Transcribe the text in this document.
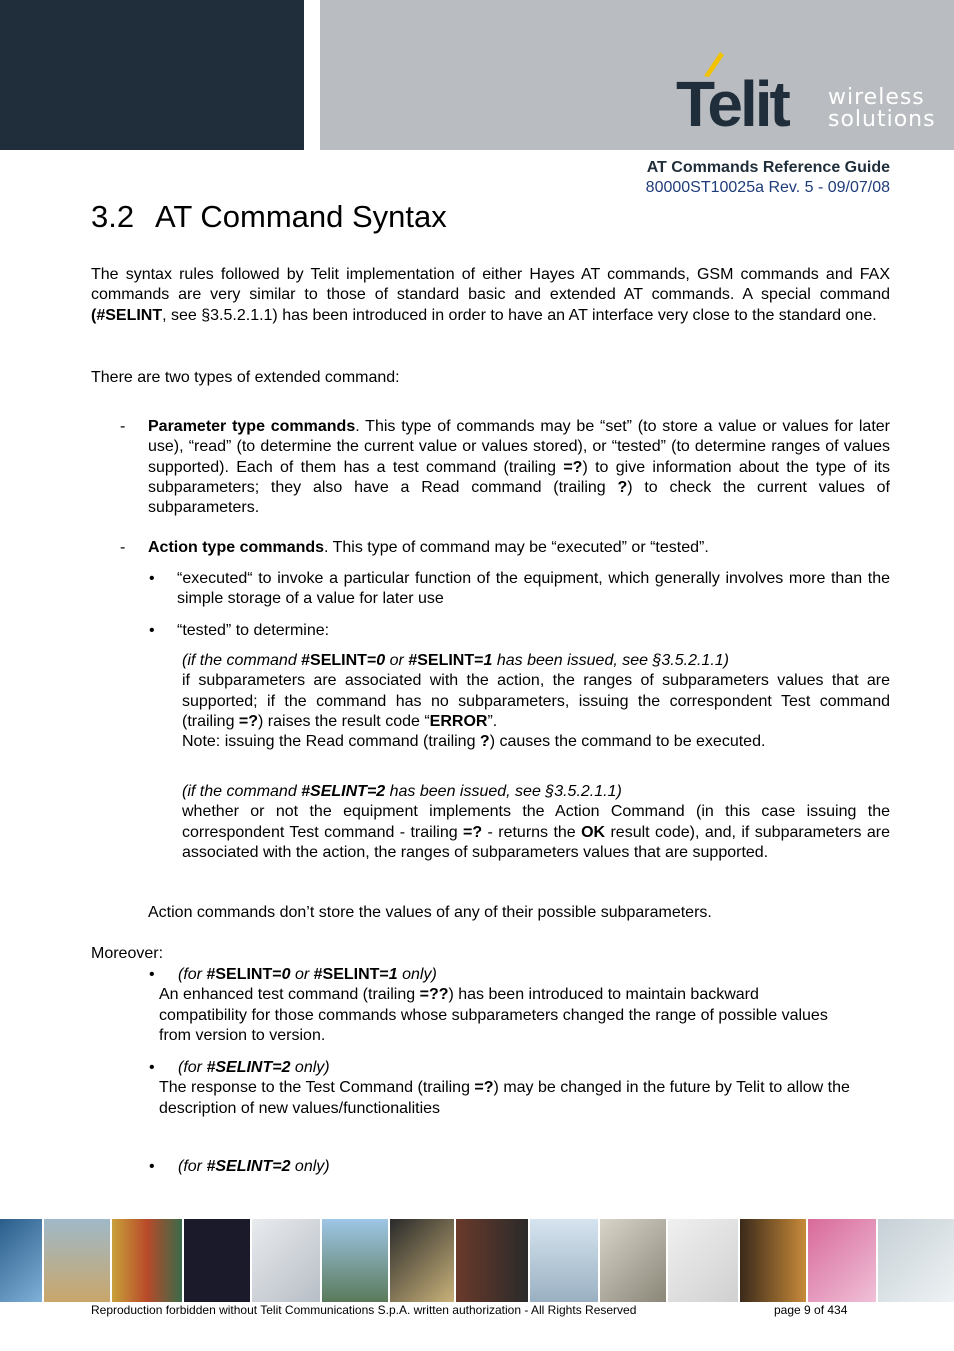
Telit wireless
solutions
AT Commands Reference Guide
80000ST10025a Rev. 5 - 09/07/08
3.2 AT Command Syntax
The syntax rules followed by Telit implementation of either Hayes AT commands, GSM commands and FAX commands are very similar to those of standard basic and extended AT commands. A special command (#SELINT, see §3.5.2.1.1) has been introduced in order to have an AT interface very close to the standard one.
There are two types of extended command:
- Parameter type commands. This type of commands may be “set” (to store a value or values for later use), “read” (to determine the current value or values stored), or “tested” (to determine ranges of values supported). Each of them has a test command (trailing =?) to give information about the type of its subparameters; they also have a Read command (trailing ?) to check the current values of subparameters.
- Action type commands. This type of command may be “executed” or “tested”.
• “executed“ to invoke a particular function of the equipment, which generally involves more than the simple storage of a value for later use
• “tested” to determine:

(if the command #SELINT=0 or #SELINT=1 has been issued, see §3.5.2.1.1)

if subparameters are associated with the action, the ranges of subparameters values that are supported; if the command has no subparameters, issuing the correspondent Test command (trailing =?) raises the result code “ERROR”.

Note: issuing the Read command (trailing ?) causes the command to be executed.

(if the command #SELINT=2 has been issued, see §3.5.2.1.1)

whether or not the equipment implements the Action Command (in this case issuing the correspondent Test command - trailing =? - returns the OK result code), and, if subparameters are associated with the action, the ranges of subparameters values that are supported.

Action commands don’t store the values of any of their possible subparameters.
Moreover:
• (for #SELINT=0 or #SELINT=1 only)
An enhanced test command (trailing =??) has been introduced to maintain backward compatibility for those commands whose subparameters changed the range of possible values from version to version.
• (for #SELINT=2 only)
The response to the Test Command (trailing =?) may be changed in the future by Telit to allow the description of new values/functionalities
• (for #SELINT=2 only)
Reproduction forbidden without Telit Communications S.p.A. written authorization - All Rights Reserved	page 9 of 434
